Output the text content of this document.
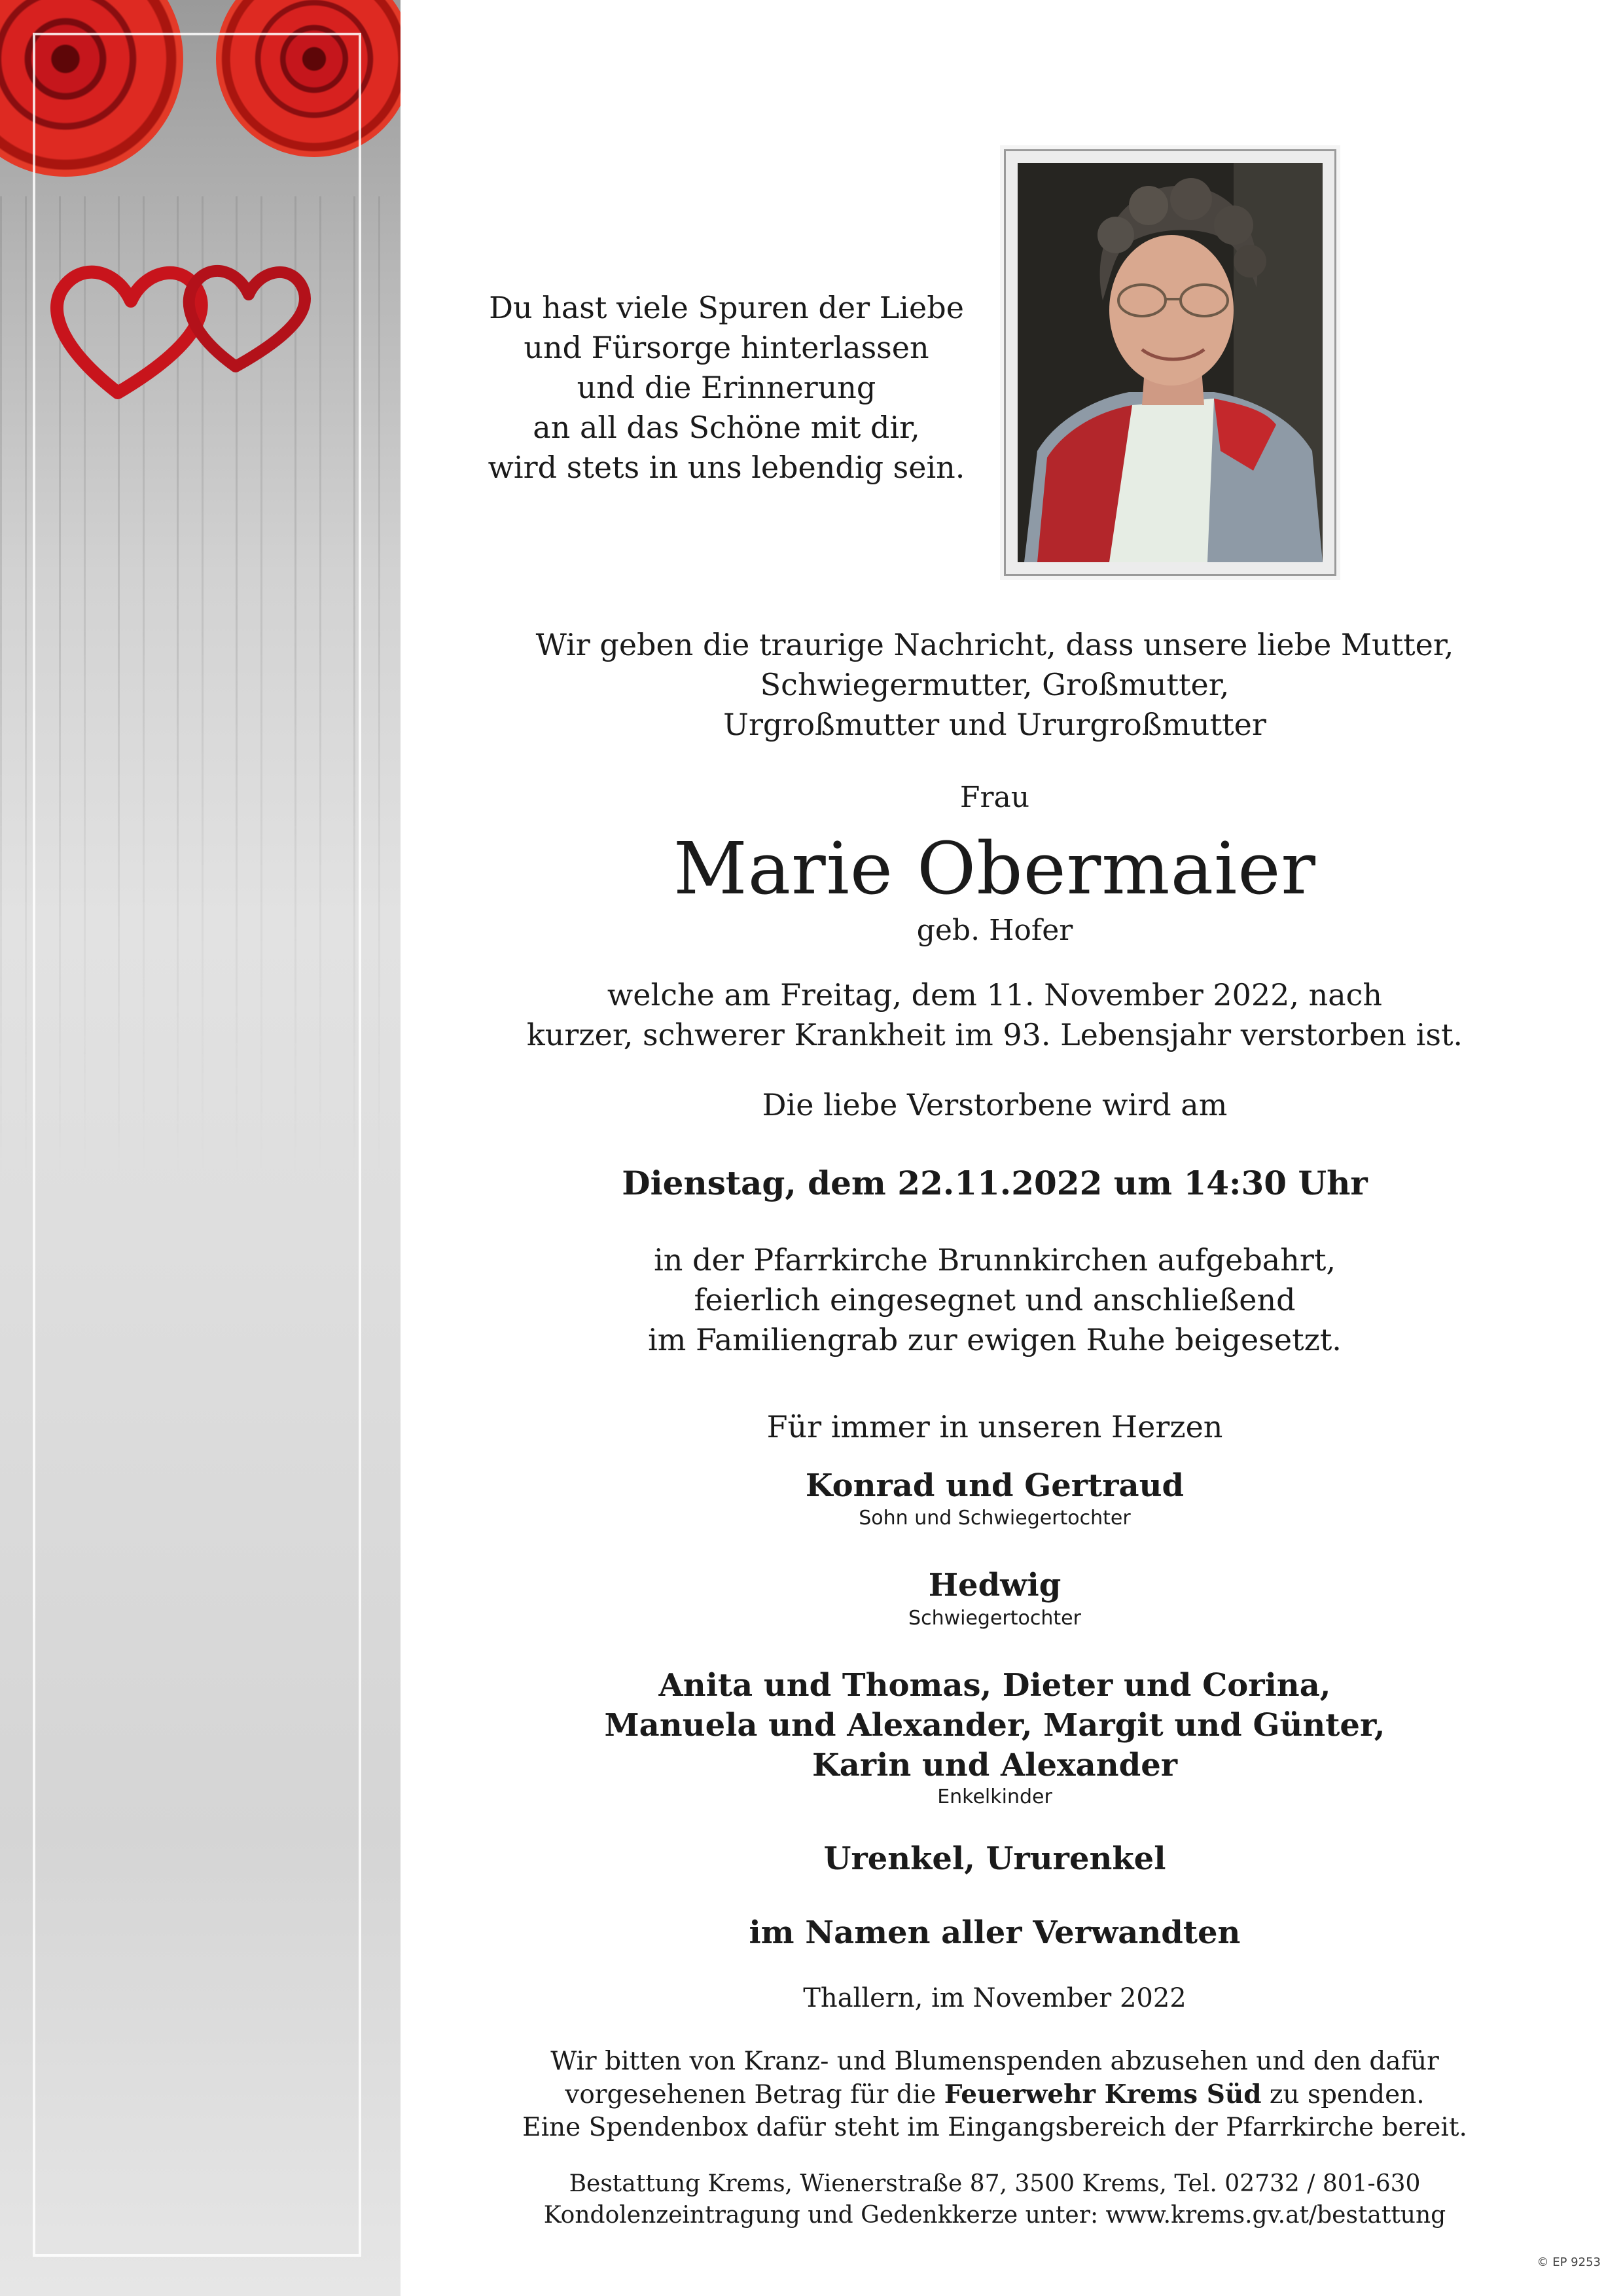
Du hast viele Spuren der Liebe
und Fürsorge hinterlassen
und die Erinnerung
an all das Schöne mit dir,
wird stets in uns lebendig sein.
Wir geben die traurige Nachricht, dass unsere liebe Mutter,
Schwiegermutter, Großmutter,
Urgroßmutter und Ururgroßmutter
Frau
Marie Obermaier
geb. Hofer
welche am Freitag, dem 11. November 2022, nach
kurzer, schwerer Krankheit im 93. Lebensjahr verstorben ist.
Die liebe Verstorbene wird am
Dienstag, dem 22.11.2022 um 14:30 Uhr
in der Pfarrkirche Brunnkirchen aufgebahrt,
feierlich eingesegnet und anschließend
im Familiengrab zur ewigen Ruhe beigesetzt.
Für immer in unseren Herzen
Konrad und Gertraud
Sohn und Schwiegertochter
Hedwig
Schwiegertochter
Anita und Thomas, Dieter und Corina,
Manuela und Alexander, Margit und Günter,
Karin und Alexander
Enkelkinder
Urenkel, Ururenkel
im Namen aller Verwandten
Thallern, im November 2022
Wir bitten von Kranz- und Blumenspenden abzusehen und den dafür
vorgesehenen Betrag für die Feuerwehr Krems Süd zu spenden.
Eine Spendenbox dafür steht im Eingangsbereich der Pfarrkirche bereit.
Bestattung Krems, Wienerstraße 87, 3500 Krems, Tel. 02732 / 801-630
Kondolenzeintragung und Gedenkkerze unter: www.krems.gv.at/bestattung
© EP 9253
